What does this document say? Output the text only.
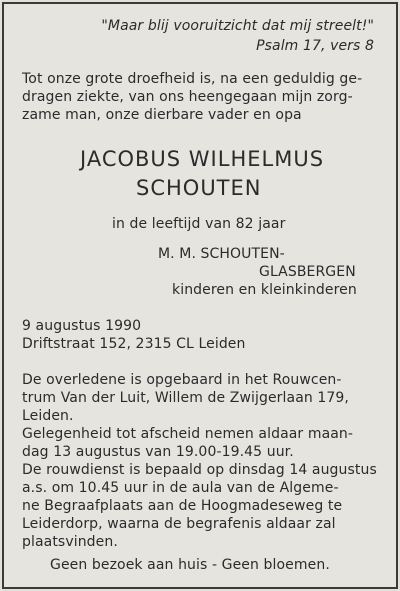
"Maar blij vooruitzicht dat mij streelt!"

Psalm 17, vers 8

Tot onze grote droefheid is, na een geduldig ge-

dragen ziekte, van ons heengegaan mijn zorg-

zame man, onze dierbare vader en opa

JACOBUS WILHELMUS

SCHOUTEN

in de leeftijd van 82 jaar

M. M. SCHOUTEN-

GLASBERGEN

kinderen en kleinkinderen

9 augustus 1990

Driftstraat 152, 2315 CL Leiden

De overledene is opgebaard in het Rouwcen-

trum Van der Luit, Willem de Zwijgerlaan 179,

Leiden.

Gelegenheid tot afscheid nemen aldaar maan-

dag 13 augustus van 19.00-19.45 uur.

De rouwdienst is bepaald op dinsdag 14 augustus

a.s. om 10.45 uur in de aula van de Algeme-

ne Begraafplaats aan de Hoogmadeseweg te

Leiderdorp, waarna de begrafenis aldaar zal

plaatsvinden.

Geen bezoek aan huis - Geen bloemen.
